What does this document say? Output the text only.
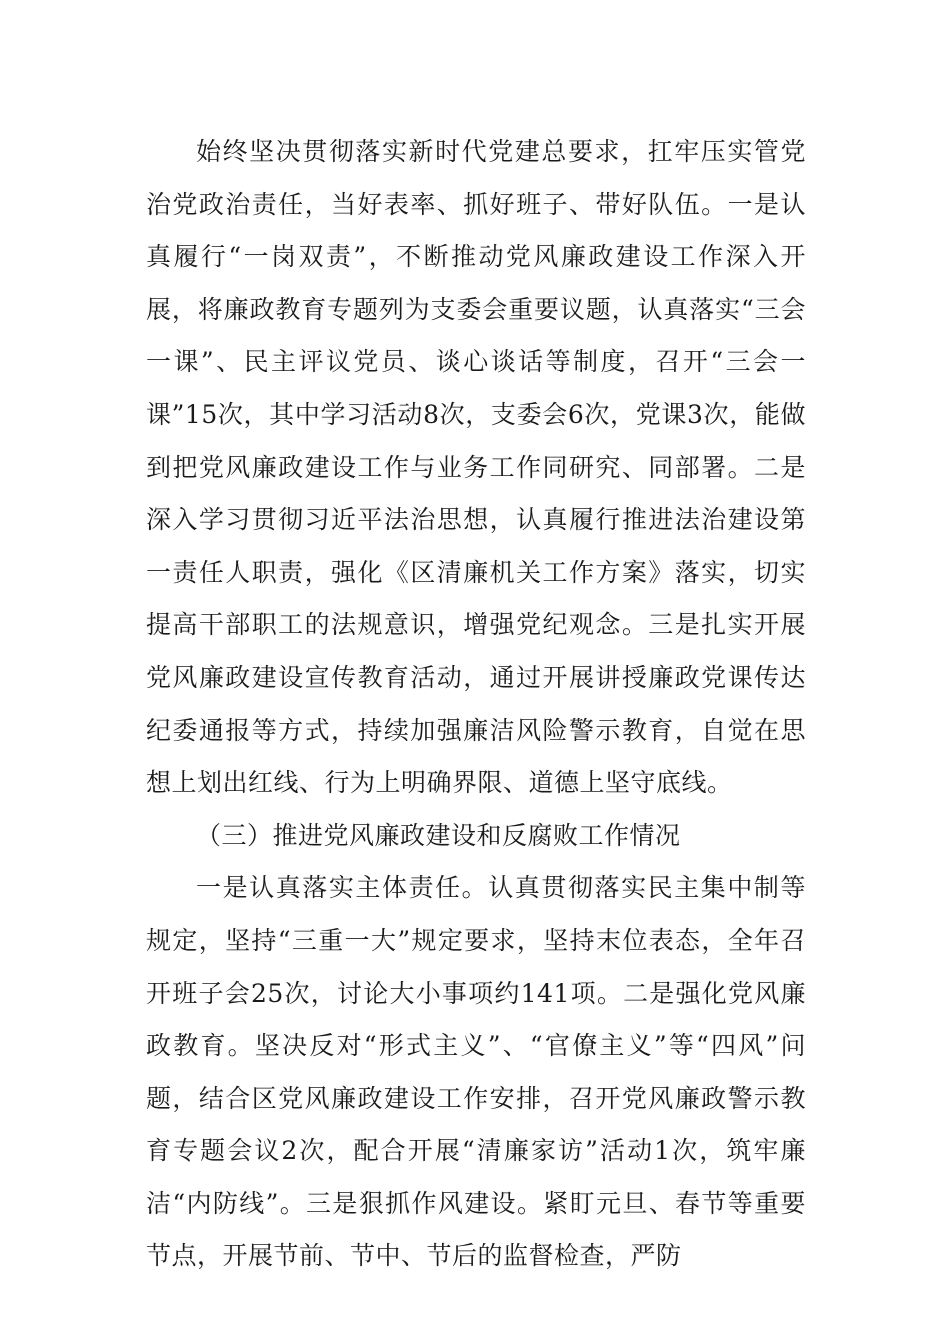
始终坚决贯彻落实新时代党建总要求，扛牢压实管党治党政治责任，当好表率、抓好班子、带好队伍。一是认真履行“一岗双责”，不断推动党风廉政建设工作深入开展，将廉政教育专题列为支委会重要议题，认真落实“三会一课”、民主评议党员、谈心谈话等制度，召开“三会一课”15次，其中学习活动8次，支委会6次，党课3次，能做到把党风廉政建设工作与业务工作同研究、同部署。二是深入学习贯彻习近平法治思想，认真履行推进法治建设第一责任人职责，强化《区清廉机关工作方案》落实，切实提高干部职工的法规意识，增强党纪观念。三是扎实开展党风廉政建设宣传教育活动，通过开展讲授廉政党课传达纪委通报等方式，持续加强廉洁风险警示教育，自觉在思想上划出红线、行为上明确界限、道德上坚守底线。

（三）推进党风廉政建设和反腐败工作情况

一是认真落实主体责任。认真贯彻落实民主集中制等规定，坚持“三重一大”规定要求，坚持末位表态，全年召开班子会25次，讨论大小事项约141项。二是强化党风廉政教育。坚决反对“形式主义”、“官僚主义”等“四风”问题，结合区党风廉政建设工作安排，召开党风廉政警示教育专题会议2次，配合开展“清廉家访”活动1次，筑牢廉洁“内防线”。三是狠抓作风建设。紧盯元旦、春节等重要节点，开展节前、节中、节后的监督检查，严防
